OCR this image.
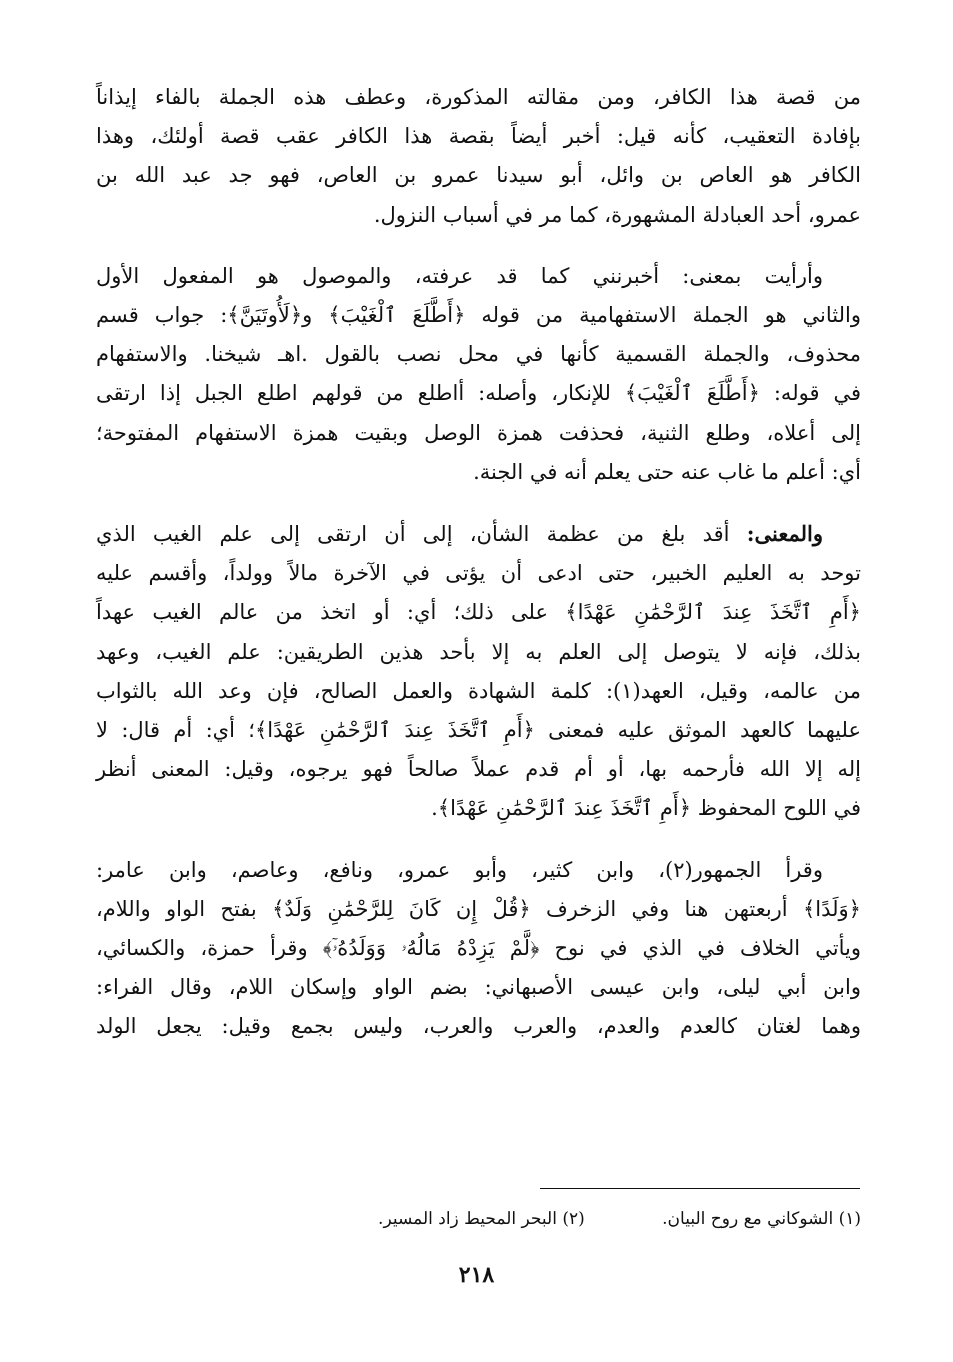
من قصة هذا الكافر، ومن مقالته المذكورة، وعطف هذه الجملة بالفاء إيذاناً
بإفادة التعقيب، كأنه قيل: أخبر أيضاً بقصة هذا الكافر عقب قصة أولئك، وهذا
الكافر هو العاص بن وائل، أبو سيدنا عمرو بن العاص، فهو جد عبد الله بن
عمرو، أحد العبادلة المشهورة، كما مر في أسباب النزول.

وأرأيت بمعنى: أخبرنني كما قد عرفته، والموصول هو المفعول الأول
والثاني هو الجملة الاستفهامية من قوله ﴿أَطَّلَعَ ٱلْغَيْبَ﴾ و﴿لَأُوتَيَنَّ﴾: جواب قسم
محذوف، والجملة القسمية كأنها في محل نصب بالقول .اهـ شيخنا. والاستفهام
في قوله: ﴿أَطَّلَعَ ٱلْغَيْبَ﴾ للإنكار، وأصله: أاطلع من قولهم اطلع الجبل إذا ارتقى
إلى أعلاه، وطلع الثنية، فحذفت همزة الوصل وبقيت همزة الاستفهام المفتوحة؛
أي: أعلم ما غاب عنه حتى يعلم أنه في الجنة.

والمعنى: أقد بلغ من عظمة الشأن، إلى أن ارتقى إلى علم الغيب الذي
توحد به العليم الخبير، حتى ادعى أن يؤتى في الآخرة مالاً وولداً، وأقسم عليه
﴿أَمِ ٱتَّخَذَ عِندَ ٱلرَّحْمَٰنِ عَهْدًا﴾ على ذلك؛ أي: أو اتخذ من عالم الغيب عهداً
بذلك، فإنه لا يتوصل إلى العلم به إلا بأحد هذين الطريقين: علم الغيب، وعهد
من عالمه، وقيل، العهد(١): كلمة الشهادة والعمل الصالح، فإن وعد الله بالثواب
عليهما كالعهد الموثق عليه فمعنى ﴿أَمِ ٱتَّخَذَ عِندَ ٱلرَّحْمَٰنِ عَهْدًا﴾؛ أي: أم قال: لا
إله إلا الله فأرحمه بها، أو أم قدم عملاً صالحاً فهو يرجوه، وقيل: المعنى أنظر
في اللوح المحفوظ ﴿أَمِ ٱتَّخَذَ عِندَ ٱلرَّحْمَٰنِ عَهْدًا﴾.

وقرأ الجمهور(٢)، وابن كثير، وأبو عمرو، ونافع، وعاصم، وابن عامر:
﴿وَلَدًا﴾ أربعتهن هنا وفي الزخرف ﴿قُلْ إِن كَانَ لِلرَّحْمَٰنِ وَلَدٌ﴾ بفتح الواو واللام،
ويأتي الخلاف في الذي في نوح ﴿لَّمْ يَزِدْهُ مَالُهُۥ وَوَلَدُهُۥٓ﴾ وقرأ حمزة، والكسائي،
وابن أبي ليلى، وابن عيسى الأصبهاني: بضم الواو وإسكان اللام، وقال الفراء:
وهما لغتان كالعدم والعدم، والعرب والعرب، وليس بجمع وقيل: يجعل الولد

(١) الشوكاني مع روح البيان. (٢) البحر المحيط زاد المسير.
٢١٨
